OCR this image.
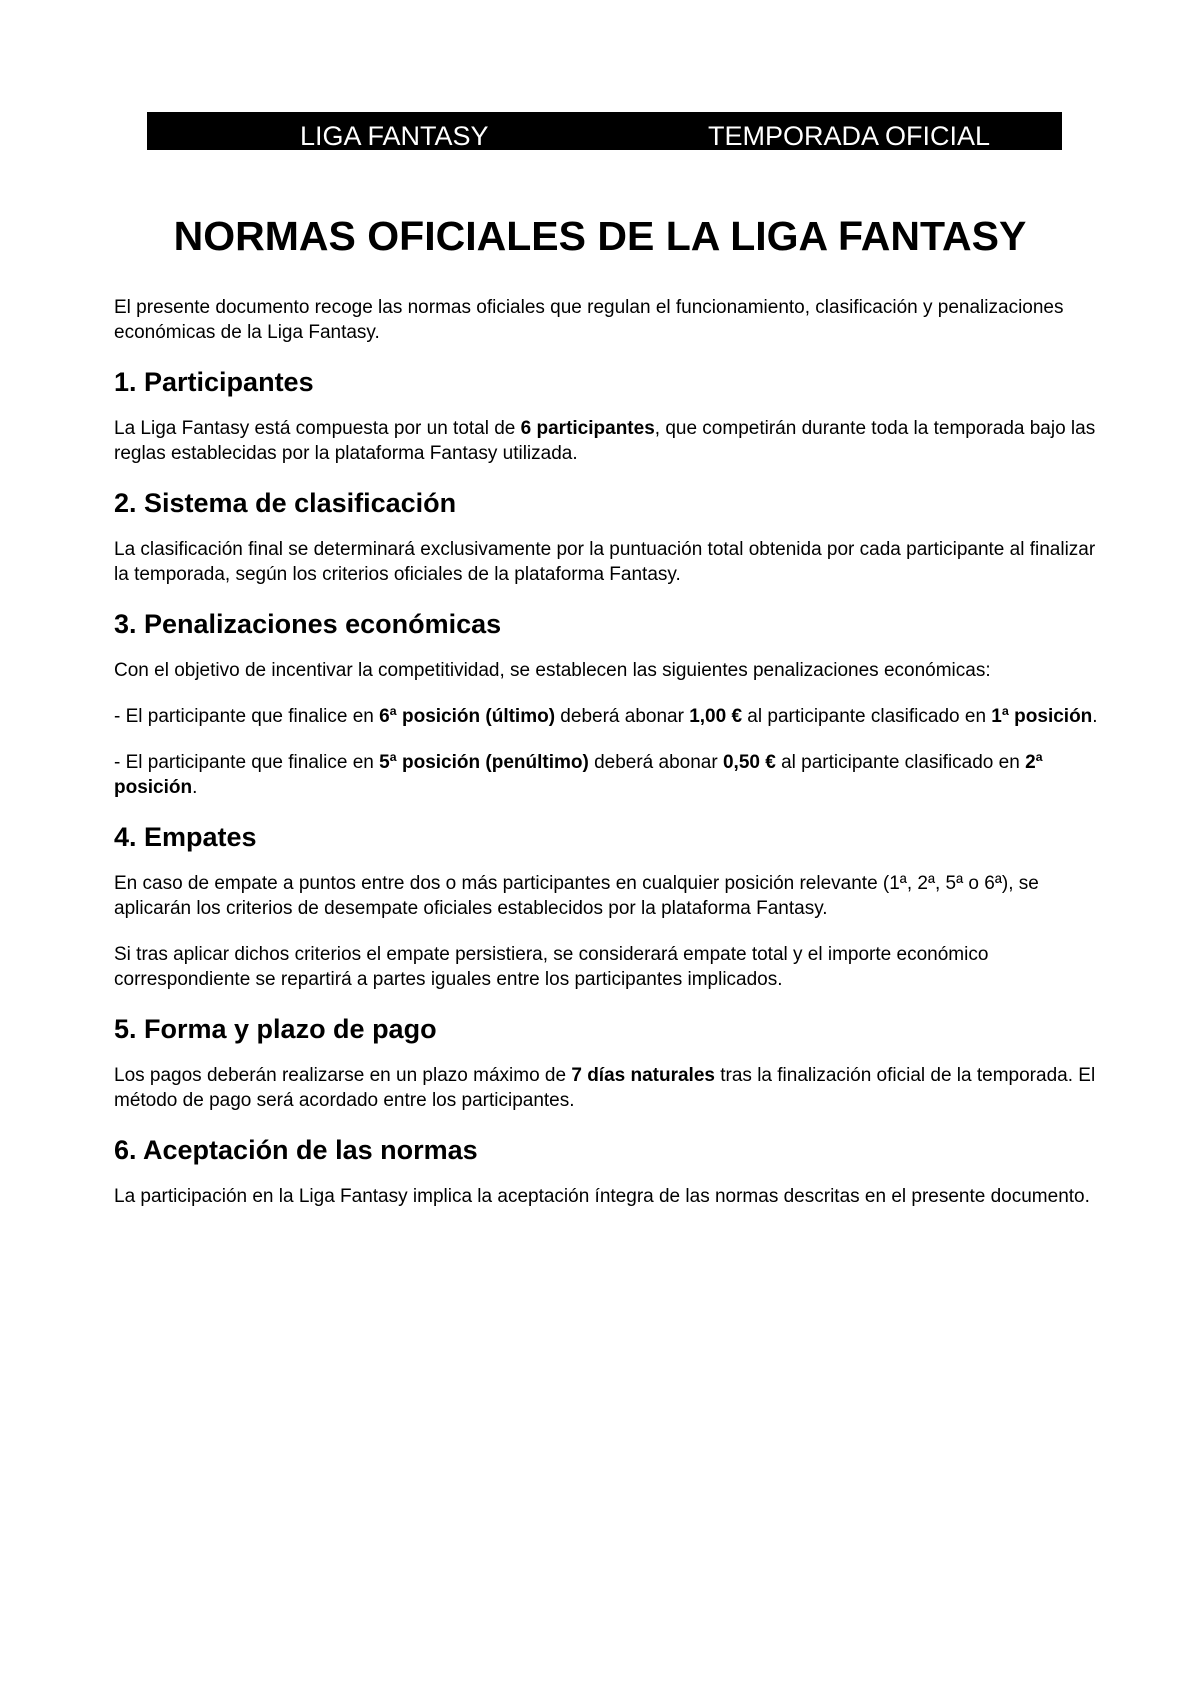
LIGA FANTASY	TEMPORADA OFICIAL
NORMAS OFICIALES DE LA LIGA FANTASY

El presente documento recoge las normas oficiales que regulan el funcionamiento, clasificación y penalizaciones económicas de la Liga Fantasy.

1. Participantes

La Liga Fantasy está compuesta por un total de 6 participantes, que competirán durante toda la temporada bajo las reglas establecidas por la plataforma Fantasy utilizada.

2. Sistema de clasificación

La clasificación final se determinará exclusivamente por la puntuación total obtenida por cada participante al finalizar la temporada, según los criterios oficiales de la plataforma Fantasy.

3. Penalizaciones económicas

Con el objetivo de incentivar la competitividad, se establecen las siguientes penalizaciones económicas:

- El participante que finalice en 6ª posición (último) deberá abonar 1,00 € al participante clasificado en 1ª posición.

- El participante que finalice en 5ª posición (penúltimo) deberá abonar 0,50 € al participante clasificado en 2ª posición.

4. Empates

En caso de empate a puntos entre dos o más participantes en cualquier posición relevante (1ª, 2ª, 5ª o 6ª), se aplicarán los criterios de desempate oficiales establecidos por la plataforma Fantasy.

Si tras aplicar dichos criterios el empate persistiera, se considerará empate total y el importe económico correspondiente se repartirá a partes iguales entre los participantes implicados.

5. Forma y plazo de pago

Los pagos deberán realizarse en un plazo máximo de 7 días naturales tras la finalización oficial de la temporada. El método de pago será acordado entre los participantes.

6. Aceptación de las normas

La participación en la Liga Fantasy implica la aceptación íntegra de las normas descritas en el presente documento.
